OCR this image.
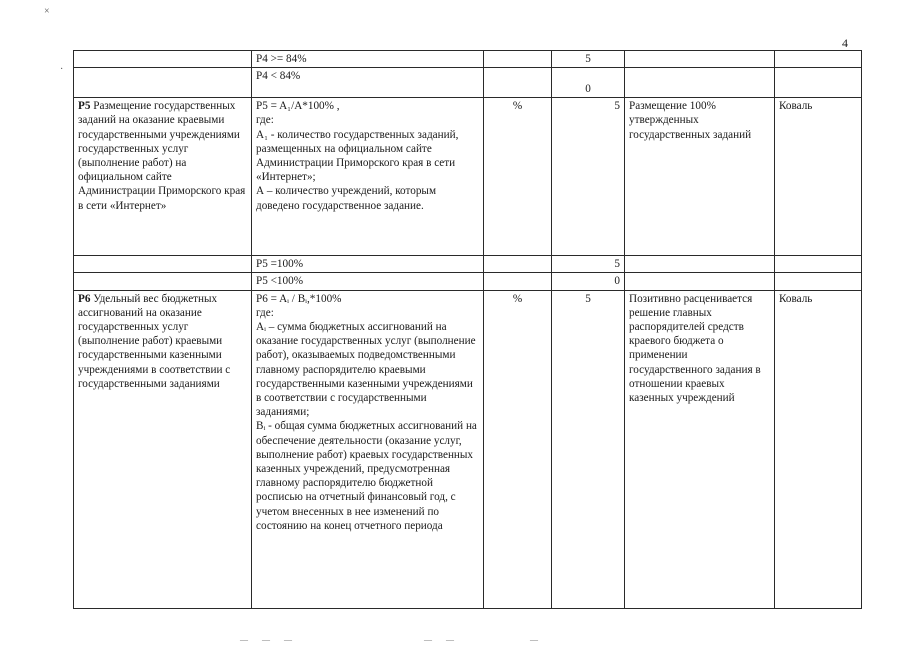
4
×
·
	P4 >= 84%		5		
	P4 < 84%		0		
P5 Размещение государственных заданий на оказание краевыми государственными учреждениями государственных услуг (выполнение работ) на официальном сайте Администрации Приморского края в сети «Интернет»	P5 = A₁/A*100% ,
где:
A₁ - количество государственных заданий, размещенных на официальном сайте Администрации Приморского края в сети «Интернет»;
А – количество учреждений, которым доведено государственное задание.	%	5	Размещение 100% утвержденных государственных заданий	Коваль
	P5 =100%		5		
	P5 <100%		0		
P6 Удельный вес бюджетных ассигнований на оказание государственных услуг (выполнение работ) краевыми государственными казенными учреждениями в соответствии с государственными заданиями	P6 = Aᵢ / Bᵢ,*100%
где:
Aᵢ – сумма бюджетных ассигнований на оказание государственных услуг (выполнение работ), оказываемых подведомственными главному распорядителю краевыми государственными казенными учреждениями в соответствии с государственными заданиями;
Bᵢ - общая сумма бюджетных ассигнований на обеспечение деятельности (оказание услуг, выполнение работ) краевых государственных казенных учреждений, предусмотренная главному распорядителю бюджетной росписью на отчетный финансовый год, с учетом внесенных в нее изменений по состоянию на конец отчетного периода	%	5	Позитивно расценивается решение главных распорядителей средств краевого бюджета о применении государственного задания в отношении краевых казенных учреждений	Коваль
— — —　　　　　　　　　— —　　　　　—
